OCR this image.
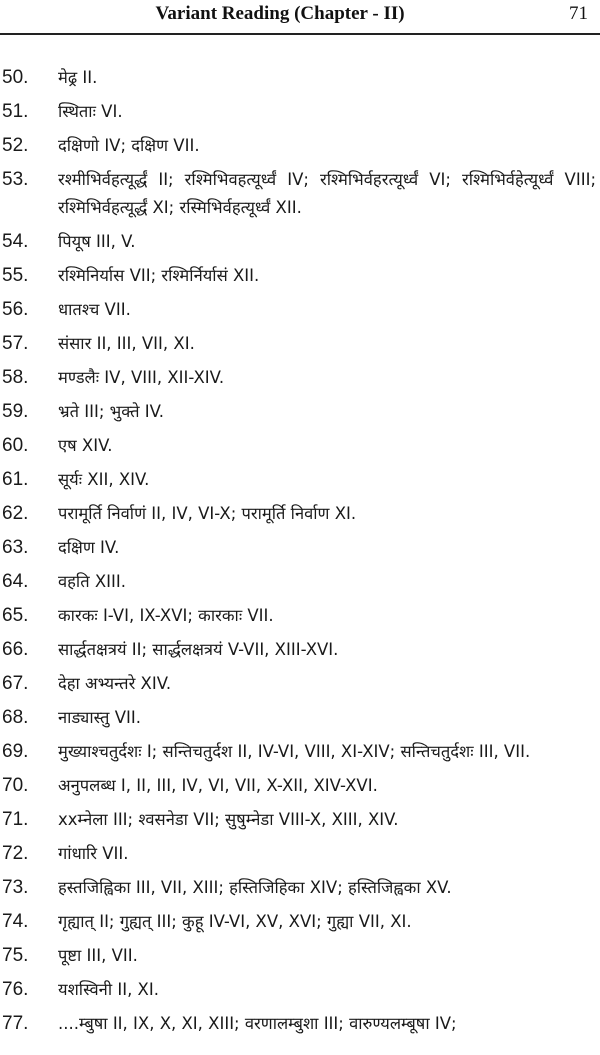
Variant Reading (Chapter - II)	71
50.	मेढ्र II.
51.	स्थिताः VI.
52.	दक्षिणो IV; दक्षिण VII.
53.	रश्मीभिर्वहत्यूर्द्धं II; रश्मिभिवहत्यूर्ध्वं IV; रश्मिभिर्वहरत्यूर्ध्वं VI; रश्मिभिर्वहेत्यूर्ध्वं VIII; रश्मिभिर्वहत्यूर्द्धं XI; रस्मिभिर्वहत्यूर्ध्वं XII.
54.	पियूष III, V.
55.	रश्मिनिर्यास VII; रश्मिर्निर्यासं XII.
56.	धातश्च VII.
57.	संसार II, III, VII, XI.
58.	मण्डलैः IV, VIII, XII-XIV.
59.	भ्रते III; भुक्ते IV.
60.	एष XIV.
61.	सूर्यः XII, XIV.
62.	परामूर्ति निर्वाणं II, IV, VI-X; परामूर्ति निर्वाण XI.
63.	दक्षिण IV.
64.	वहति XIII.
65.	कारकः I-VI, IX-XVI; कारकाः VII.
66.	सार्द्धतक्षत्रयं II; सार्द्धलक्षत्रयं V-VII, XIII-XVI.
67.	देहा अभ्यन्तरे XIV.
68.	नाड्यास्तु VII.
69.	मुख्याश्चतुर्दशः I; सन्तिचतुर्दश II, IV-VI, VIII, XI-XIV; सन्तिचतुर्दशः III, VII.
70.	अनुपलब्ध I, II, III, IV, VI, VII, X-XII, XIV-XVI.
71.	xxम्नेला III; श्वसनेडा VII; सुषुम्नेडा VIII-X, XIII, XIV.
72.	गांधारि VII.
73.	हस्तजिह्विका III, VII, XIII; हस्तिजिहिका XIV; हस्तिजिह्वका XV.
74.	गृह्यात् II; गुह्यत् III; कुहू IV-VI, XV, XVI; गुह्या VII, XI.
75.	पूष्टा III, VII.
76.	यशस्विनी II, XI.
77.	....म्बुषा II, IX, X, XI, XIII; वरणालम्बुशा III; वारुण्यलम्बूषा IV;
